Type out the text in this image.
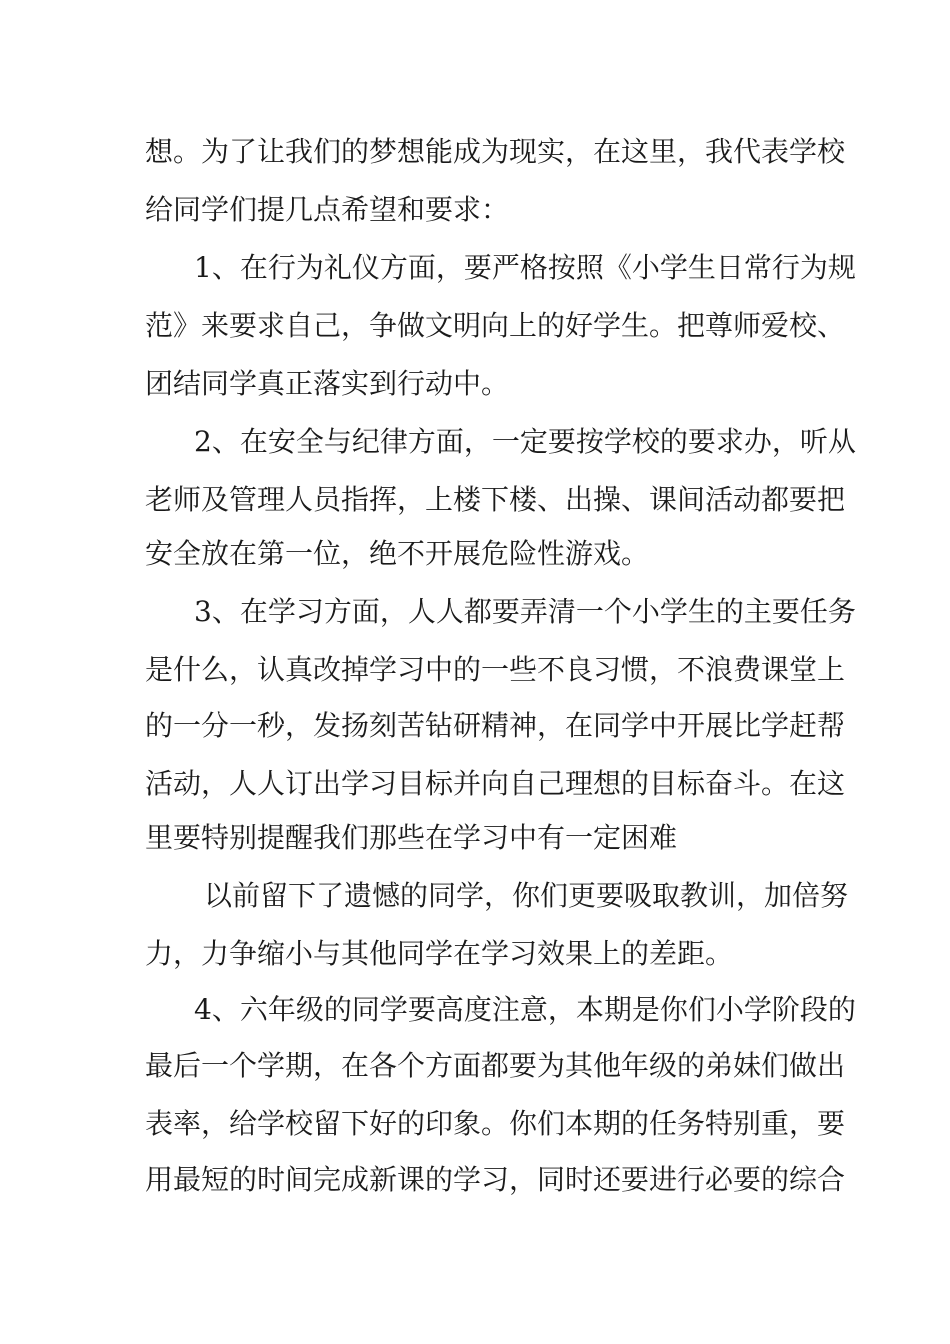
想。为了让我们的梦想能成为现实，在这里，我代表学校
给同学们提几点希望和要求：
1、在行为礼仪方面，要严格按照《小学生日常行为规
范》来要求自己，争做文明向上的好学生。把尊师爱校、
团结同学真正落实到行动中。
2、在安全与纪律方面，一定要按学校的要求办，听从
老师及管理人员指挥，上楼下楼、出操、课间活动都要把
安全放在第一位，绝不开展危险性游戏。
3、在学习方面，人人都要弄清一个小学生的主要任务
是什么，认真改掉学习中的一些不良习惯，不浪费课堂上
的一分一秒，发扬刻苦钻研精神，在同学中开展比学赶帮
活动，人人订出学习目标并向自己理想的目标奋斗。在这
里要特别提醒我们那些在学习中有一定困难
以前留下了遗憾的同学，你们更要吸取教训，加倍努
力，力争缩小与其他同学在学习效果上的差距。
4、六年级的同学要高度注意，本期是你们小学阶段的
最后一个学期，在各个方面都要为其他年级的弟妹们做出
表率，给学校留下好的印象。你们本期的任务特别重，要
用最短的时间完成新课的学习，同时还要进行必要的综合
